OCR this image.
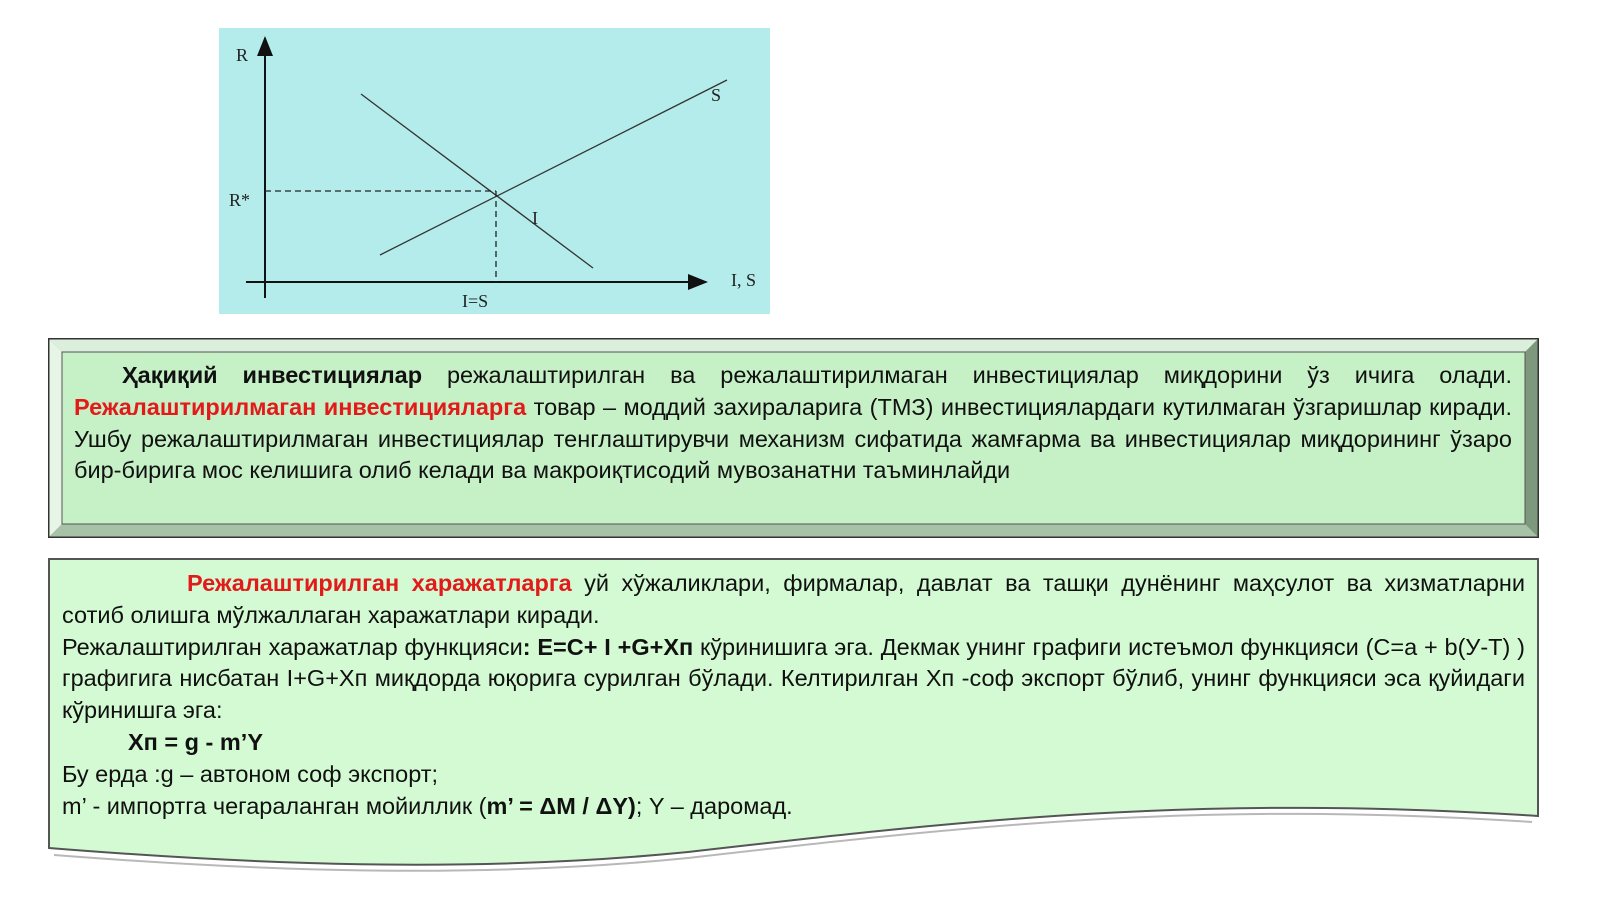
R
R*
S
I
I, S
I=S
Ҳақиқий инвестициялар режалаштирилган ва режалаштирилмаган инвестициялар миқдорини ўз ичига олади. Режалаштирилмаган инвестицияларга товар – моддий захираларига (ТМЗ) инвестициялардаги кутилмаган ўзгаришлар киради. Ушбу режалаштирилмаган инвестициялар тенглаштирувчи механизм сифатида жамғарма ва инвестициялар миқдорининг ўзаро бир-бирига мос келишига олиб келади ва макроиқтисодий мувозанатни таъминлайди
Режалаштирилган харажатларга уй хўжаликлари, фирмалар, давлат ва ташқи дунёнинг маҳсулот ва хизматларни сотиб олишга мўлжаллаган харажатлари киради.
Режалаштирилган харажатлар функцияси: E=C+ I +G+Xп кўринишига эга. Декмак унинг графиги истеъмол функцияси (С=a + b(У-Т) ) графигига нисбатан I+G+Xп миқдорда юқорига сурилган бўлади. Келтирилган Xп -соф экспорт бўлиб, унинг функцияси эса қуйидаги кўринишга эга:
Xп = g - m’Y
Бу ерда :g – автоном соф экспорт;
m’ - импортга чегараланган мойиллик (m’ = ΔM / ΔY); Y – даромад.
